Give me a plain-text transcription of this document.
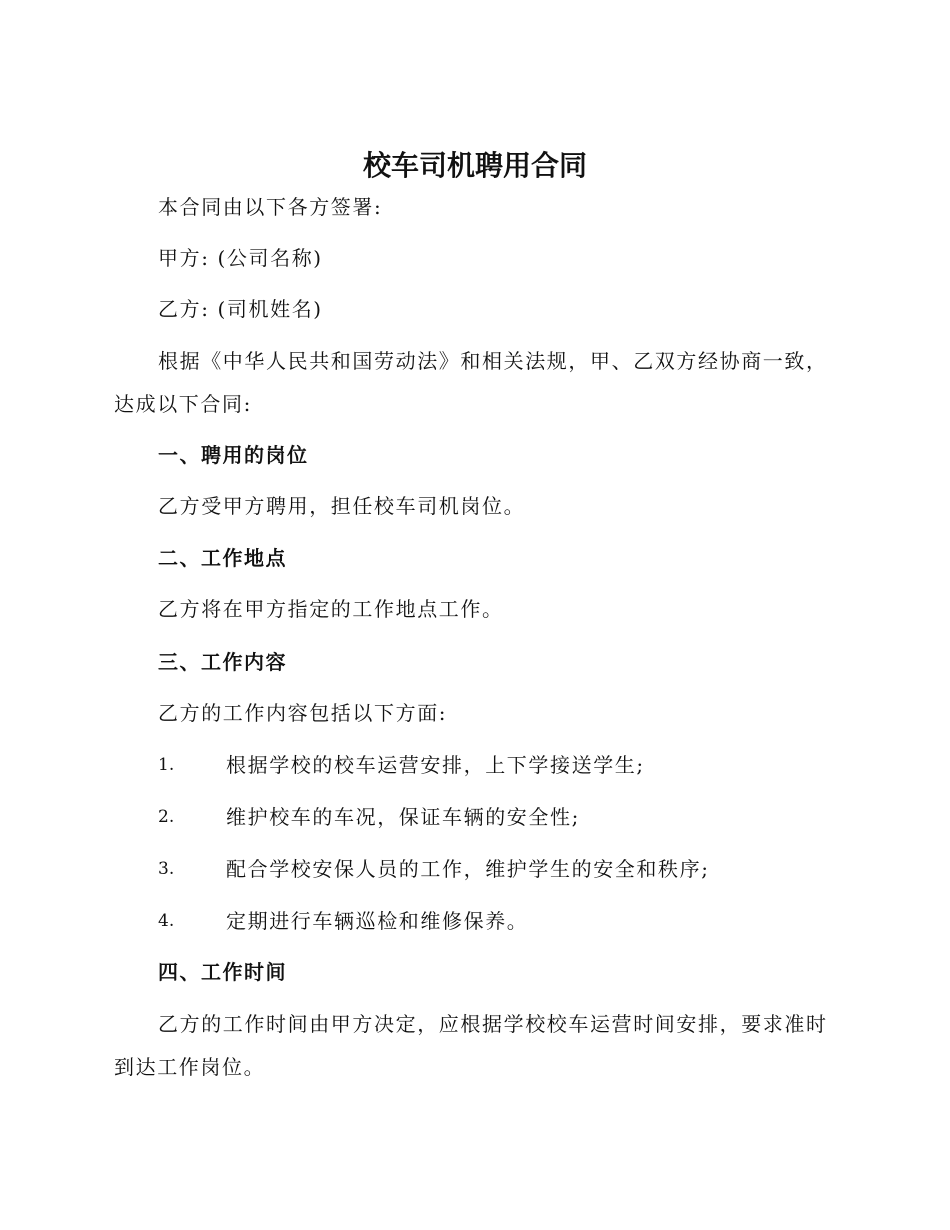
校车司机聘用合同
本合同由以下各方签署:
甲方: (公司名称)
乙方: (司机姓名)
根据《中华人民共和国劳动法》和相关法规，甲、乙双方经协商一致，
达成以下合同:
一、聘用的岗位
乙方受甲方聘用，担任校车司机岗位。
二、工作地点
乙方将在甲方指定的工作地点工作。
三、工作内容
乙方的工作内容包括以下方面:
1.	根据学校的校车运营安排，上下学接送学生;
2.	维护校车的车况，保证车辆的安全性;
3.	配合学校安保人员的工作，维护学生的安全和秩序;
4.	定期进行车辆巡检和维修保养。
四、工作时间
乙方的工作时间由甲方决定，应根据学校校车运营时间安排，要求准时
到达工作岗位。
